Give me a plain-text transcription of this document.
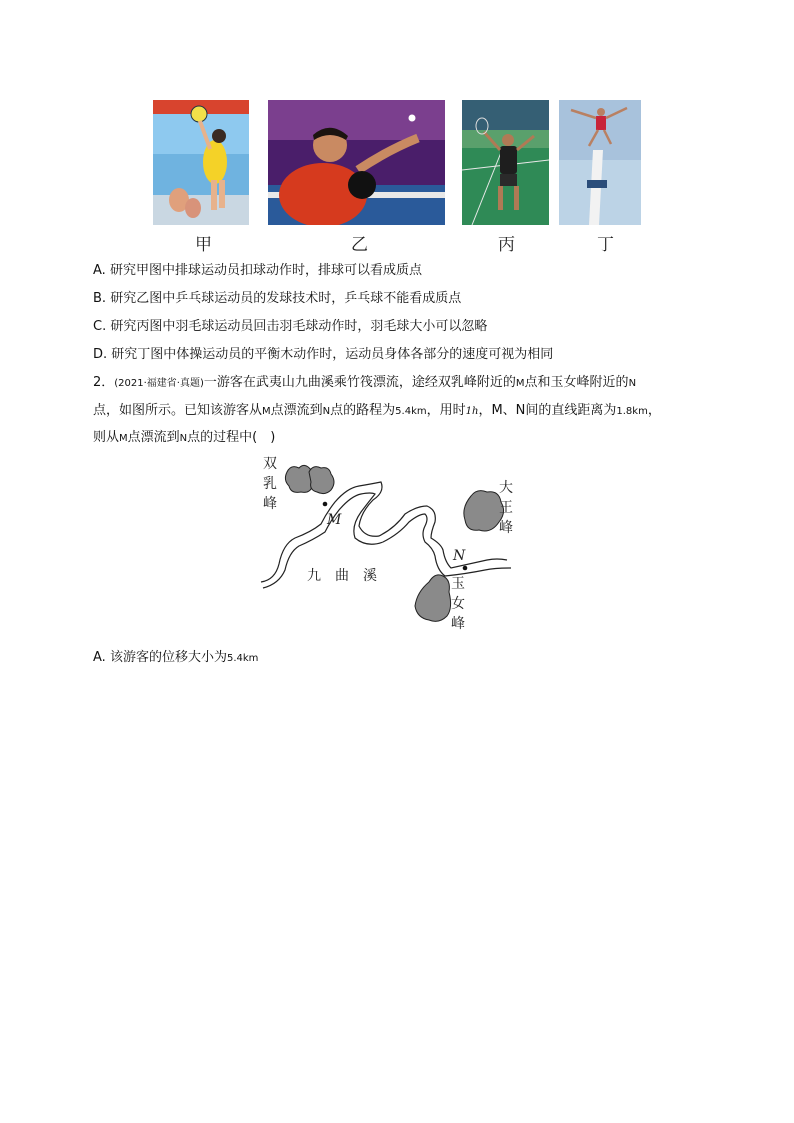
甲	乙	丙	丁
A. 研究甲图中排球运动员扣球动作时，排球可以看成质点
B. 研究乙图中乒乓球运动员的发球技术时，乒乓球不能看成质点
C. 研究丙图中羽毛球运动员回击羽毛球动作时，羽毛球大小可以忽略
D. 研究丁图中体操运动员的平衡木动作时，运动员身体各部分的速度可视为相同
2．(2021·福建省·真题)一游客在武夷山九曲溪乘竹筏漂流，途经双乳峰附近的M点和玉女峰附近的N
点，如图所示。已知该游客从M点漂流到N点的路程为5.4km，用时1h，M、N间的直线距离为1.8km，
则从M点漂流到N点的过程中(　)
双
乳
峰
大
王
峰
玉
女
峰
九　曲　溪
M
N
A. 该游客的位移大小为5.4km
